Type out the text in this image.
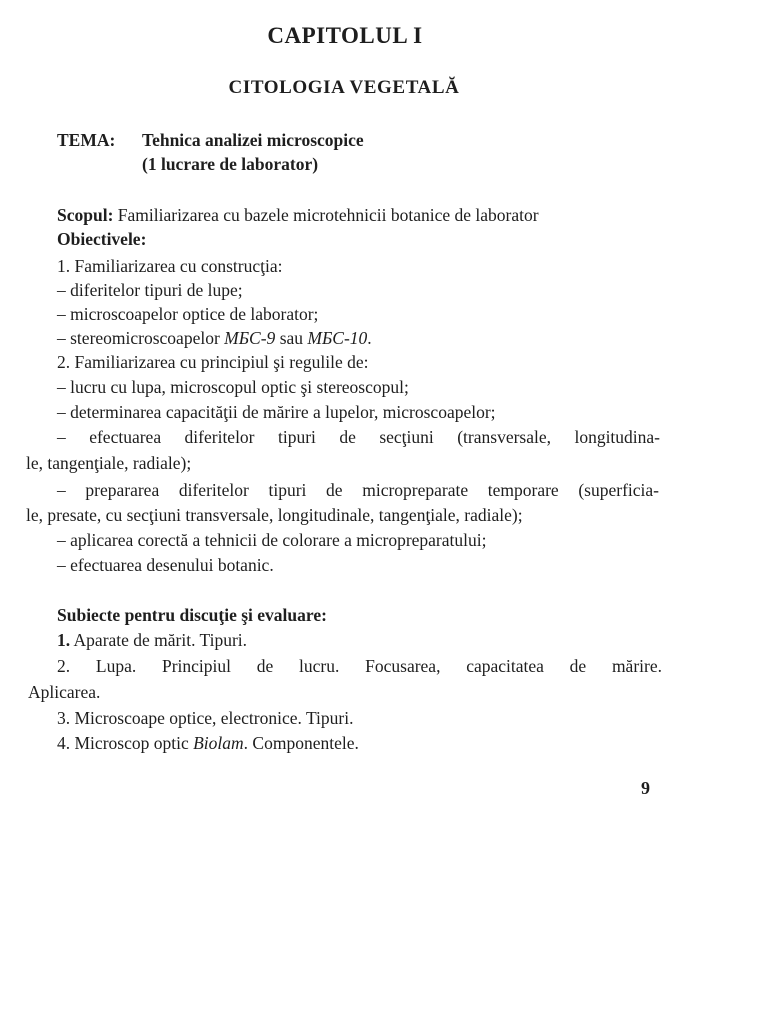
CAPITOLUL I
CITOLOGIA VEGETALĂ
TEMA: Tehnica analizei microscopice
(1 lucrare de laborator)
Scopul: Familiarizarea cu bazele microtehnicii botanice de laborator
Obiectivele:
1. Familiarizarea cu construcţia:
– diferitelor tipuri de lupe;
– microscoapelor optice de laborator;
– stereomicroscoapelor МБС-9 sau МБС-10.
2. Familiarizarea cu principiul şi regulile de:
– lucru cu lupa, microscopul optic şi stereoscopul;
– determinarea capacităţii de mărire a lupelor, microscoapelor;
– efectuarea diferitelor tipuri de secţiuni (transversale, longitudina-
le, tangenţiale, radiale);
– prepararea diferitelor tipuri de micropreparate temporare (superficia-
le, presate, cu secţiuni transversale, longitudinale, tangenţiale, radiale);
– aplicarea corectă a tehnicii de colorare a micropreparatului;
– efectuarea desenului botanic.
Subiecte pentru discuţie şi evaluare:
1. Aparate de mărit. Tipuri.
2. Lupa. Principiul de lucru. Focusarea, capacitatea de mărire.
Aplicarea.
3. Microscoape optice, electronice. Tipuri.
4. Microscop optic Biolam. Componentele.
9
